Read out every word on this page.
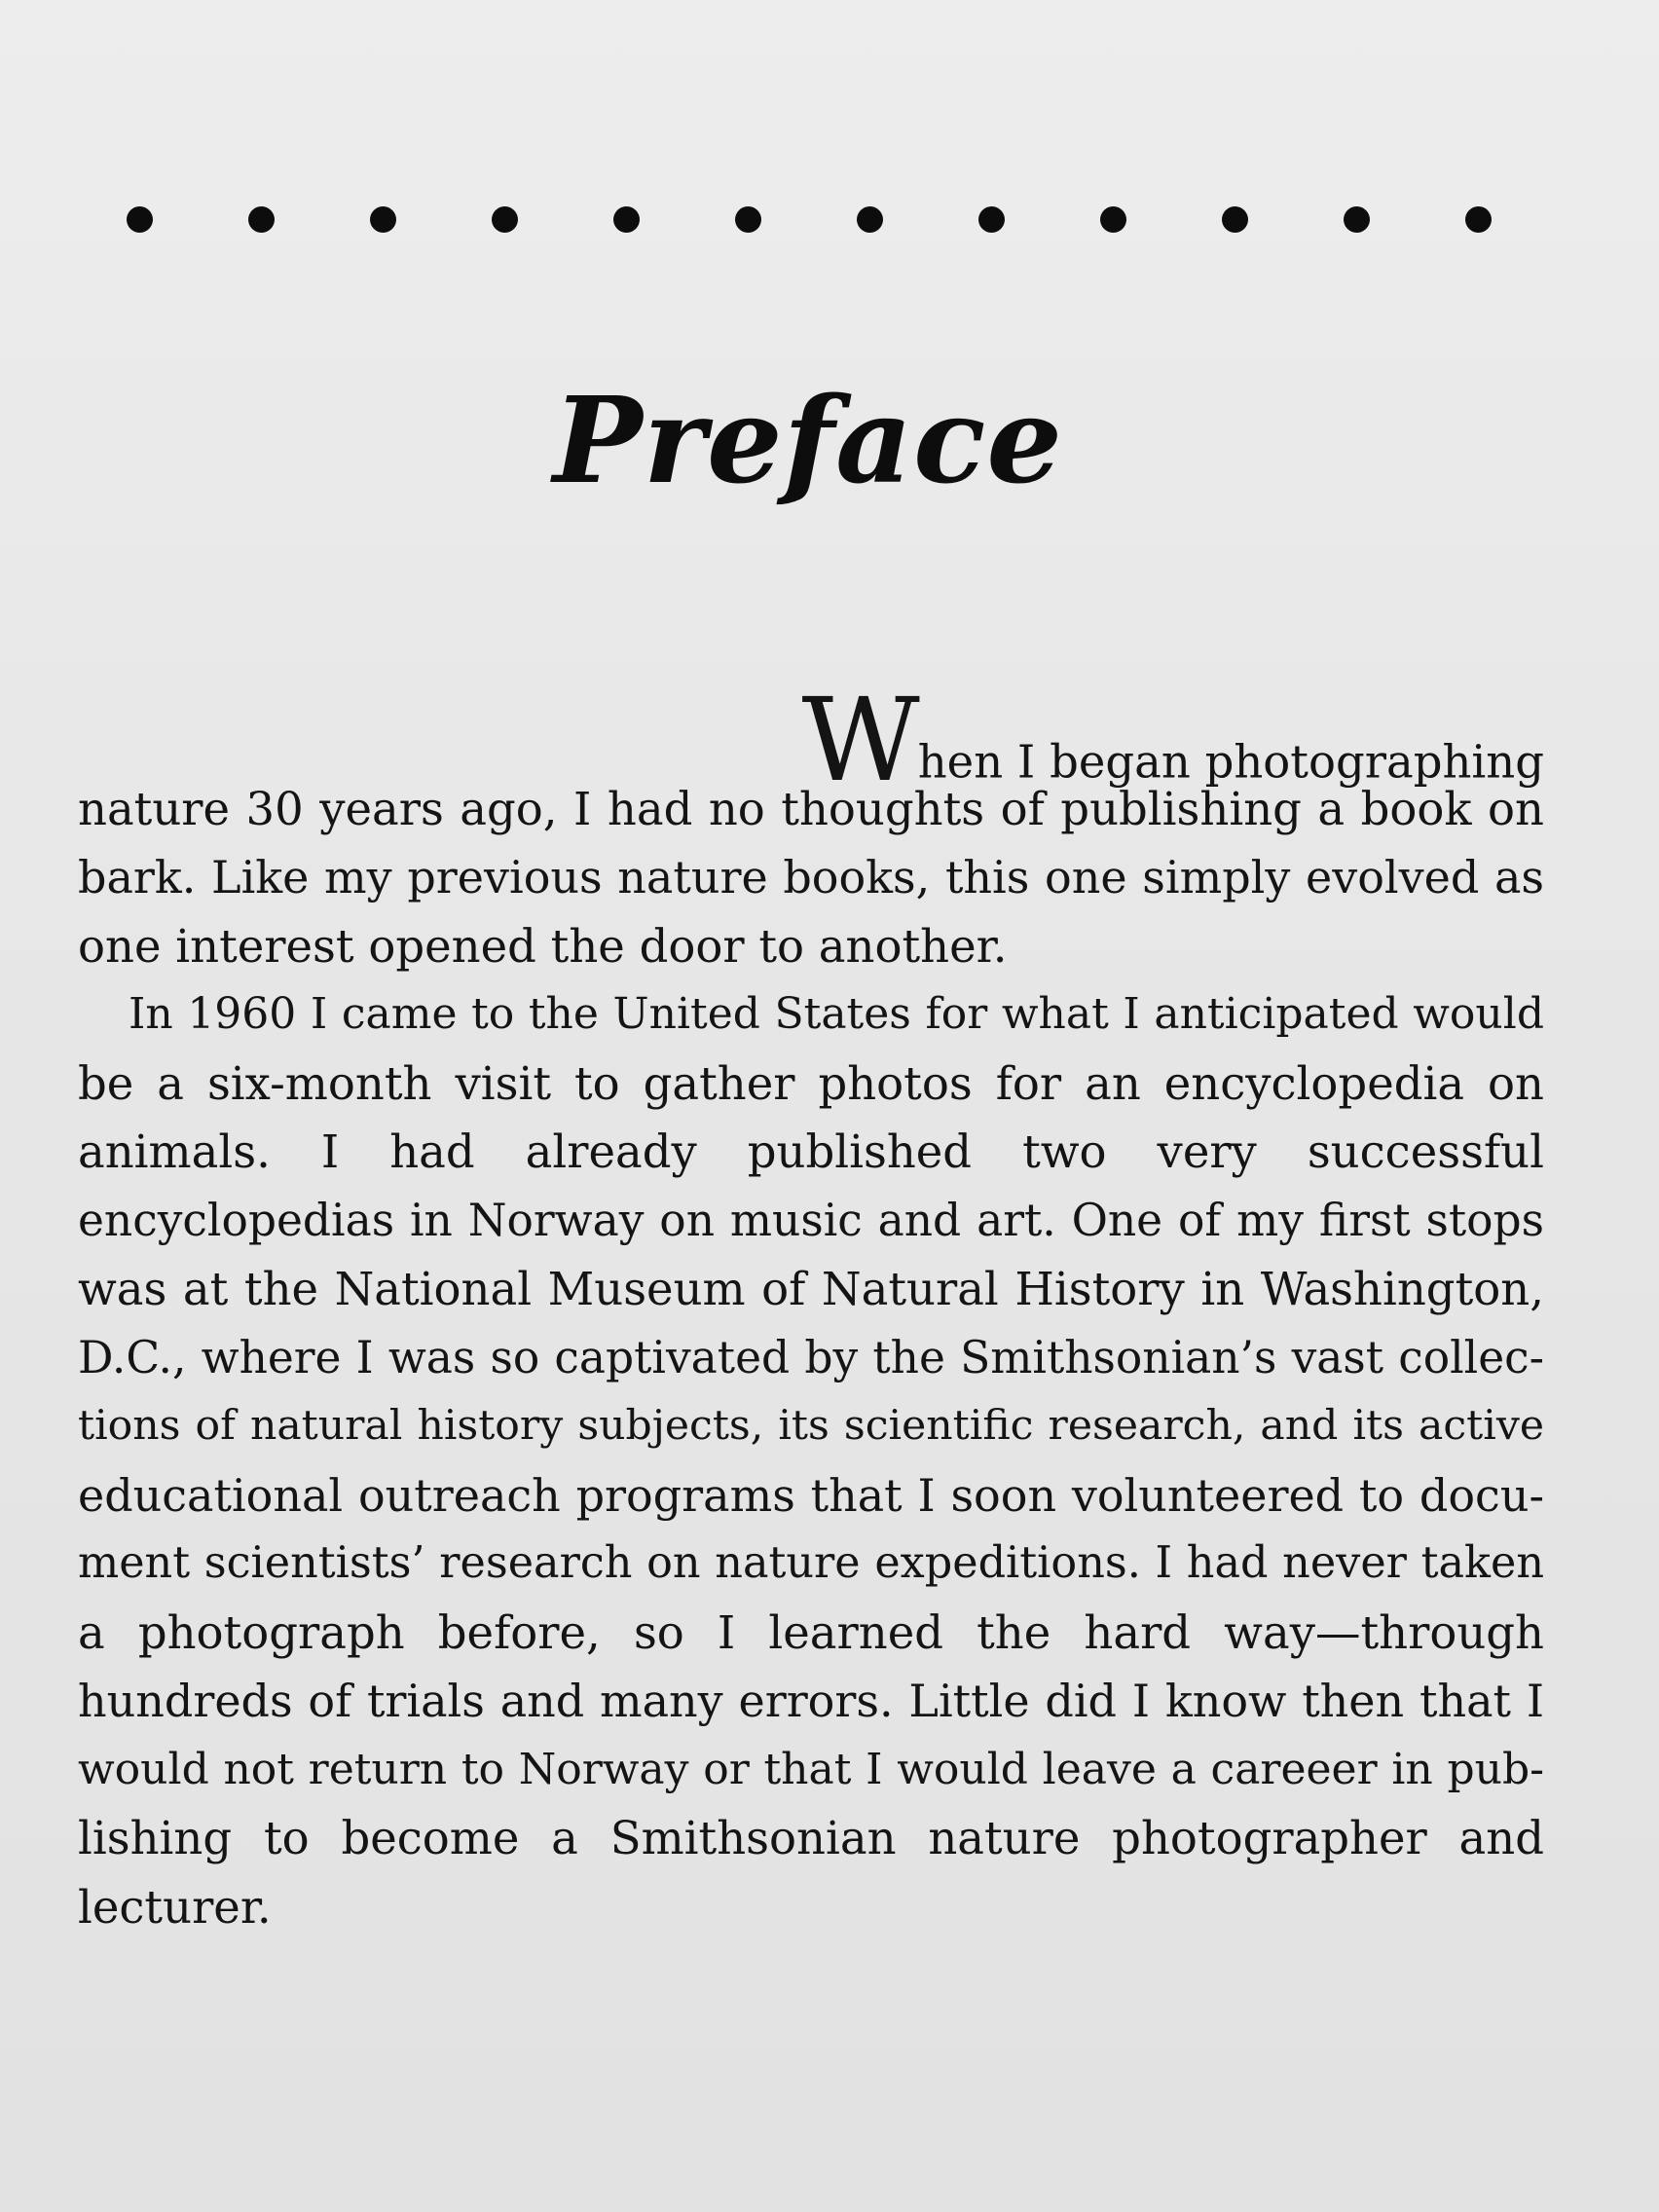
Preface
When I began photographing
nature 30 years ago, I had no thoughts of publishing a book on
bark. Like my previous nature books, this one simply evolved as
one interest opened the door to another.
In 1960 I came to the United States for what I anticipated would
be a six-month visit to gather photos for an encyclopedia on
animals. I had already published two very successful
encyclopedias in Norway on music and art. One of my first stops
was at the National Museum of Natural History in Washington,
D.C., where I was so captivated by the Smithsonian’s vast collec-
tions of natural history subjects, its scientific research, and its active
educational outreach programs that I soon volunteered to docu-
ment scientists’ research on nature expeditions. I had never taken
a photograph before, so I learned the hard way—through
hundreds of trials and many errors. Little did I know then that I
would not return to Norway or that I would leave a careeer in pub-
lishing to become a Smithsonian nature photographer and
lecturer.
